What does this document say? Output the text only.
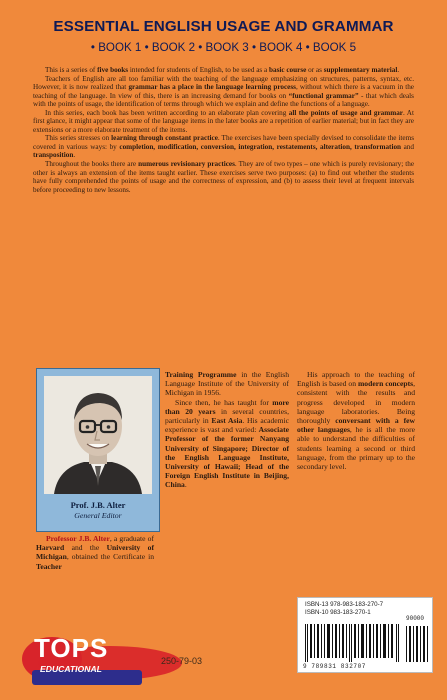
ESSENTIAL ENGLISH USAGE AND GRAMMAR
• BOOK 1 • BOOK 2 • BOOK 3 • BOOK 4 • BOOK 5

This is a series of five books intended for students of English, to be used as a basic course or as supplementary material.

Teachers of English are all too familiar with the teaching of the language emphasizing on structures, patterns, syntax, etc. However, it is now realized that grammar has a place in the language learning process, without which there is a vacuum in the teaching of the language. In view of this, there is an increasing demand for books on “functional grammar” - that which deals with the points of usage, the identification of terms through which we explain and define the functions of a language.

In this series, each book has been written according to an elaborate plan covering all the points of usage and grammar. At first glance, it might appear that some of the language items in the later books are a repetition of earlier material; but in fact they are extensions or a more elaborate treatment of the items.

This series stresses on learning through constant practice. The exercises have been specially devised to consolidate the items covered in various ways: by completion, modification, conversion, integration, restatements, alteration, transformation and transposition.

Throughout the books there are numerous revisionary practices. They are of two types – one which is purely revisionary; the other is always an extension of the items taught earlier. These exercises serve two purposes: (a) to find out whether the students have fully comprehended the points of usage and the correctness of expression, and (b) to assess their level at frequent intervals before proceeding to new lessons.

Prof. J.B. Alter
General Editor

Professor J.B. Alter, a graduate of Harvard and the University of Michigan, obtained the Certificate in Teacher

Training Programme in the English Language Institute of the University of Michigan in 1956.

Since then, he has taught for more than 20 years in several countries, particularly in East Asia. His academic experience is vast and varied: Associate Professor of the former Nanyang University of Singapore; Director of the English Language Institute, University of Hawaii; Head of the Foreign English Institute in Beijing, China.

His approach to the teaching of English is based on modern concepts, consistent with the results and progress developed in modern language laboratories. Being thoroughly conversant with a few other languages, he is all the more able to understand the difficulties of students learning a second or third language, from the primary up to the secondary level.

TOPS
EDUCATIONAL
250-79-03
ISBN-13 978-983-183-270-7
ISBN-10 983-183-270-1
90000
9 789831 832707
